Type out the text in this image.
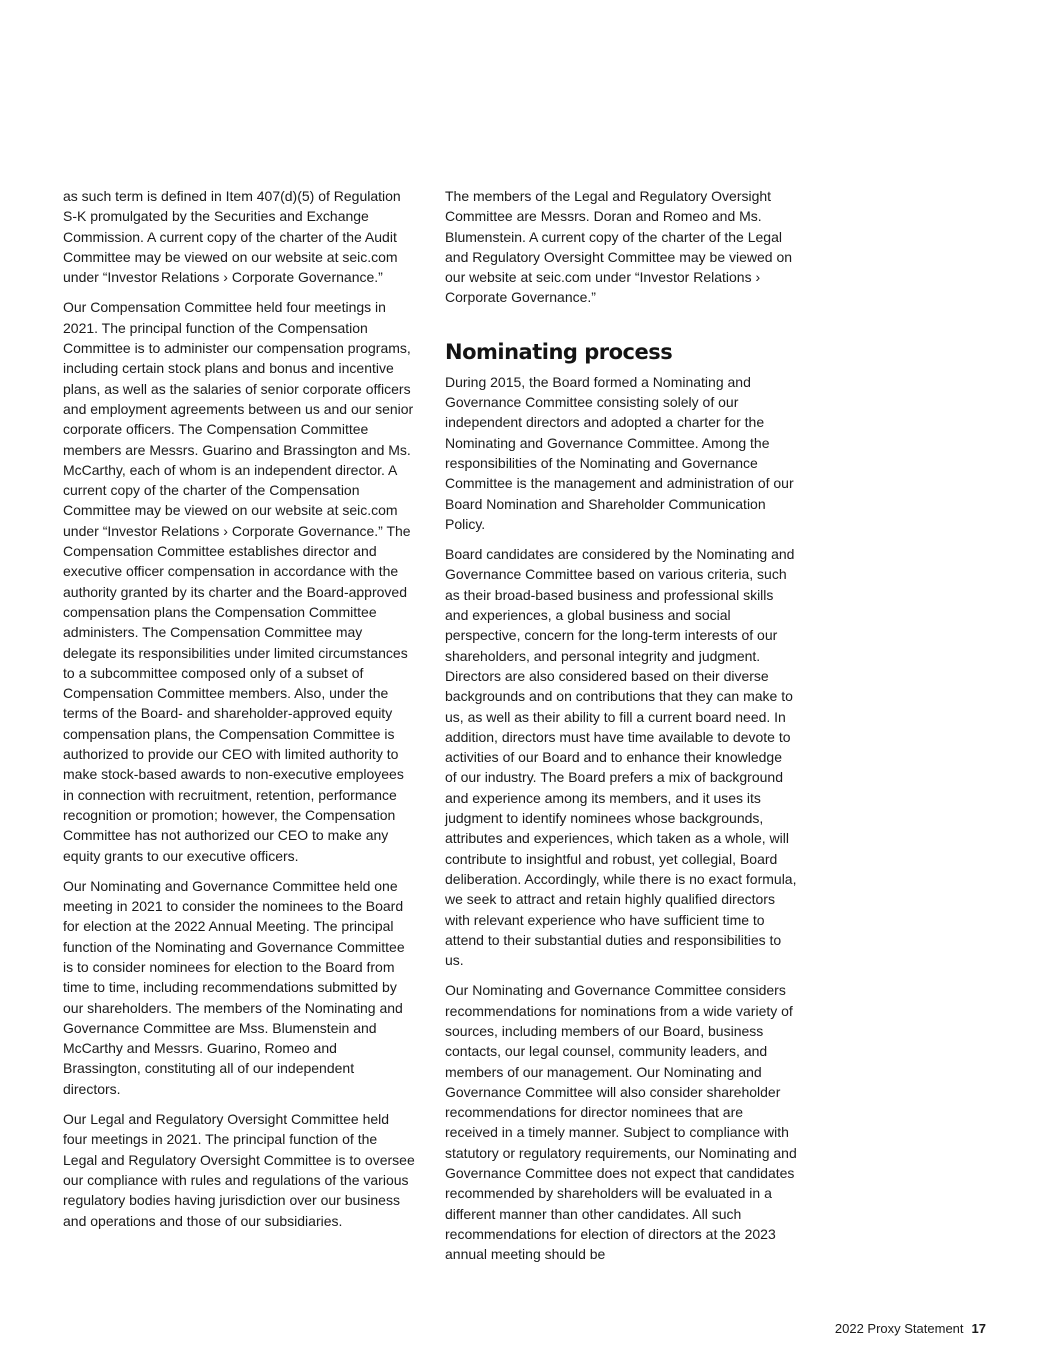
as such term is defined in Item 407(d)(5) of Regulation S-K promulgated by the Securities and Exchange Commission. A current copy of the charter of the Audit Committee may be viewed on our website at seic.com under “Investor Relations › Corporate Governance.”

Our Compensation Committee held four meetings in 2021. The principal function of the Compensation Committee is to administer our compensation programs, including certain stock plans and bonus and incentive plans, as well as the salaries of senior corporate officers and employment agreements between us and our senior corporate officers. The Compensation Committee members are Messrs. Guarino and Brassington and Ms. McCarthy, each of whom is an independent director. A current copy of the charter of the Compensation Committee may be viewed on our website at seic.com under “Investor Relations › Corporate Governance.” The Compensation Committee establishes director and executive officer compensation in accordance with the authority granted by its charter and the Board-approved compensation plans the Compensation Committee administers. The Compensation Committee may delegate its responsibilities under limited circumstances to a subcommittee composed only of a subset of Compensation Committee members. Also, under the terms of the Board- and shareholder-approved equity compensation plans, the Compensation Committee is authorized to provide our CEO with limited authority to make stock-based awards to non-executive employees in connection with recruitment, retention, performance recognition or promotion; however, the Compensation Committee has not authorized our CEO to make any equity grants to our executive officers.

Our Nominating and Governance Committee held one meeting in 2021 to consider the nominees to the Board for election at the 2022 Annual Meeting. The principal function of the Nominating and Governance Committee is to consider nominees for election to the Board from time to time, including recommendations submitted by our shareholders. The members of the Nominating and Governance Committee are Mss. Blumenstein and McCarthy and Messrs. Guarino, Romeo and Brassington, constituting all of our independent directors.

Our Legal and Regulatory Oversight Committee held four meetings in 2021. The principal function of the Legal and Regulatory Oversight Committee is to oversee our compliance with rules and regulations of the various regulatory bodies having jurisdiction over our business and operations and those of our subsidiaries.

The members of the Legal and Regulatory Oversight Committee are Messrs. Doran and Romeo and Ms. Blumenstein. A current copy of the charter of the Legal and Regulatory Oversight Committee may be viewed on our website at seic.com under “Investor Relations › Corporate Governance.”

Nominating process

During 2015, the Board formed a Nominating and Governance Committee consisting solely of our independent directors and adopted a charter for the Nominating and Governance Committee. Among the responsibilities of the Nominating and Governance Committee is the management and administration of our Board Nomination and Shareholder Communication Policy.

Board candidates are considered by the Nominating and Governance Committee based on various criteria, such as their broad-based business and professional skills and experiences, a global business and social perspective, concern for the long-term interests of our shareholders, and personal integrity and judgment. Directors are also considered based on their diverse backgrounds and on contributions that they can make to us, as well as their ability to fill a current board need. In addition, directors must have time available to devote to activities of our Board and to enhance their knowledge of our industry. The Board prefers a mix of background and experience among its members, and it uses its judgment to identify nominees whose backgrounds, attributes and experiences, which taken as a whole, will contribute to insightful and robust, yet collegial, Board deliberation. Accordingly, while there is no exact formula, we seek to attract and retain highly qualified directors with relevant experience who have sufficient time to attend to their substantial duties and responsibilities to us.

Our Nominating and Governance Committee considers recommendations for nominations from a wide variety of sources, including members of our Board, business contacts, our legal counsel, community leaders, and members of our management. Our Nominating and Governance Committee will also consider shareholder recommendations for director nominees that are received in a timely manner. Subject to compliance with statutory or regulatory requirements, our Nominating and Governance Committee does not expect that candidates recommended by shareholders will be evaluated in a different manner than other candidates. All such recommendations for election of directors at the 2023 annual meeting should be

2022 Proxy Statement 17
